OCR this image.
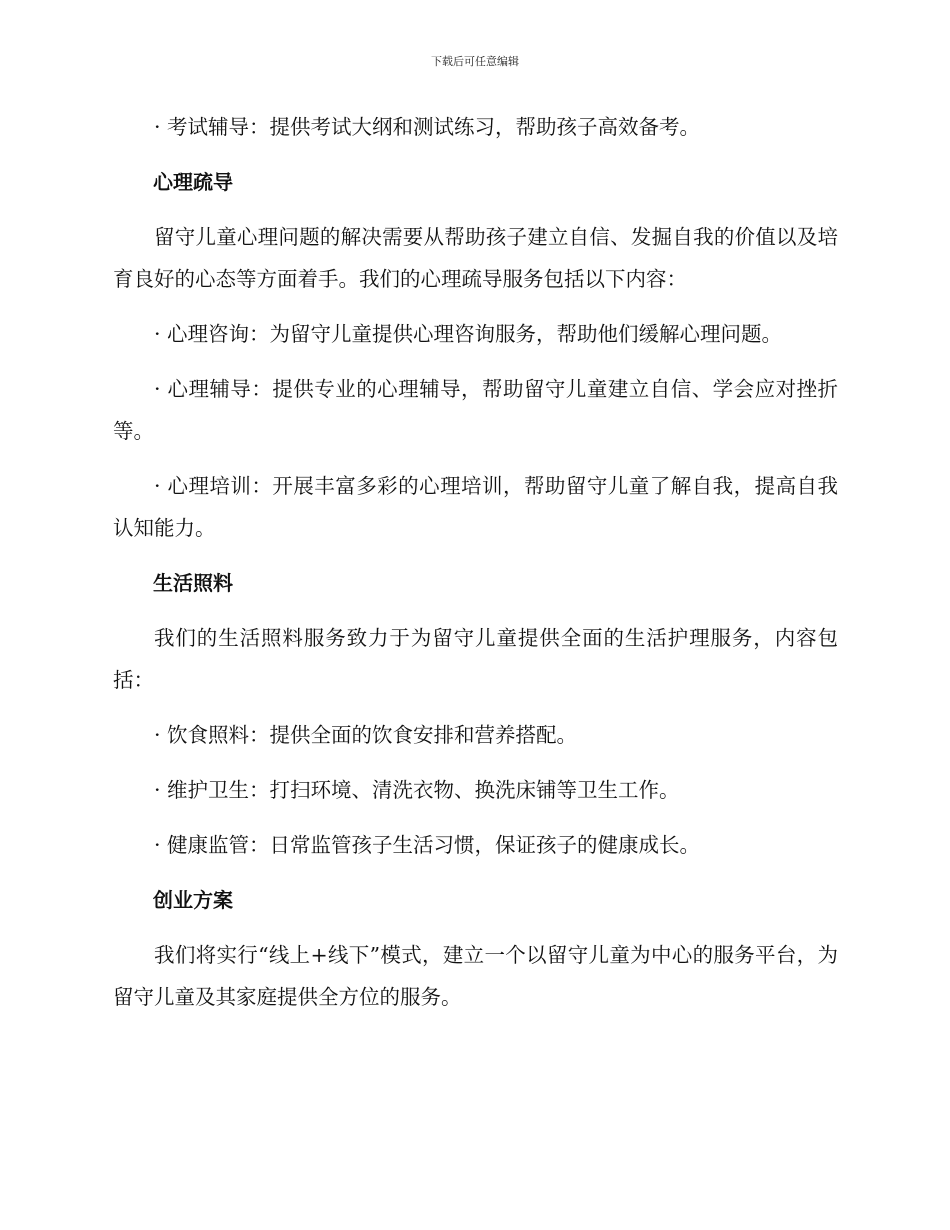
下载后可任意编辑

· 考试辅导：提供考试大纲和测试练习，帮助孩子高效备考。

心理疏导

留守儿童心理问题的解决需要从帮助孩子建立自信、发掘自我的价值以及培育良好的心态等方面着手。我们的心理疏导服务包括以下内容：

· 心理咨询：为留守儿童提供心理咨询服务，帮助他们缓解心理问题。

· 心理辅导：提供专业的心理辅导，帮助留守儿童建立自信、学会应对挫折等。

· 心理培训：开展丰富多彩的心理培训，帮助留守儿童了解自我，提高自我认知能力。

生活照料

我们的生活照料服务致力于为留守儿童提供全面的生活护理服务，内容包括：

· 饮食照料：提供全面的饮食安排和营养搭配。

· 维护卫生：打扫环境、清洗衣物、换洗床铺等卫生工作。

· 健康监管：日常监管孩子生活习惯，保证孩子的健康成长。

创业方案

我们将实行“线上+线下”模式，建立一个以留守儿童为中心的服务平台，为留守儿童及其家庭提供全方位的服务。
